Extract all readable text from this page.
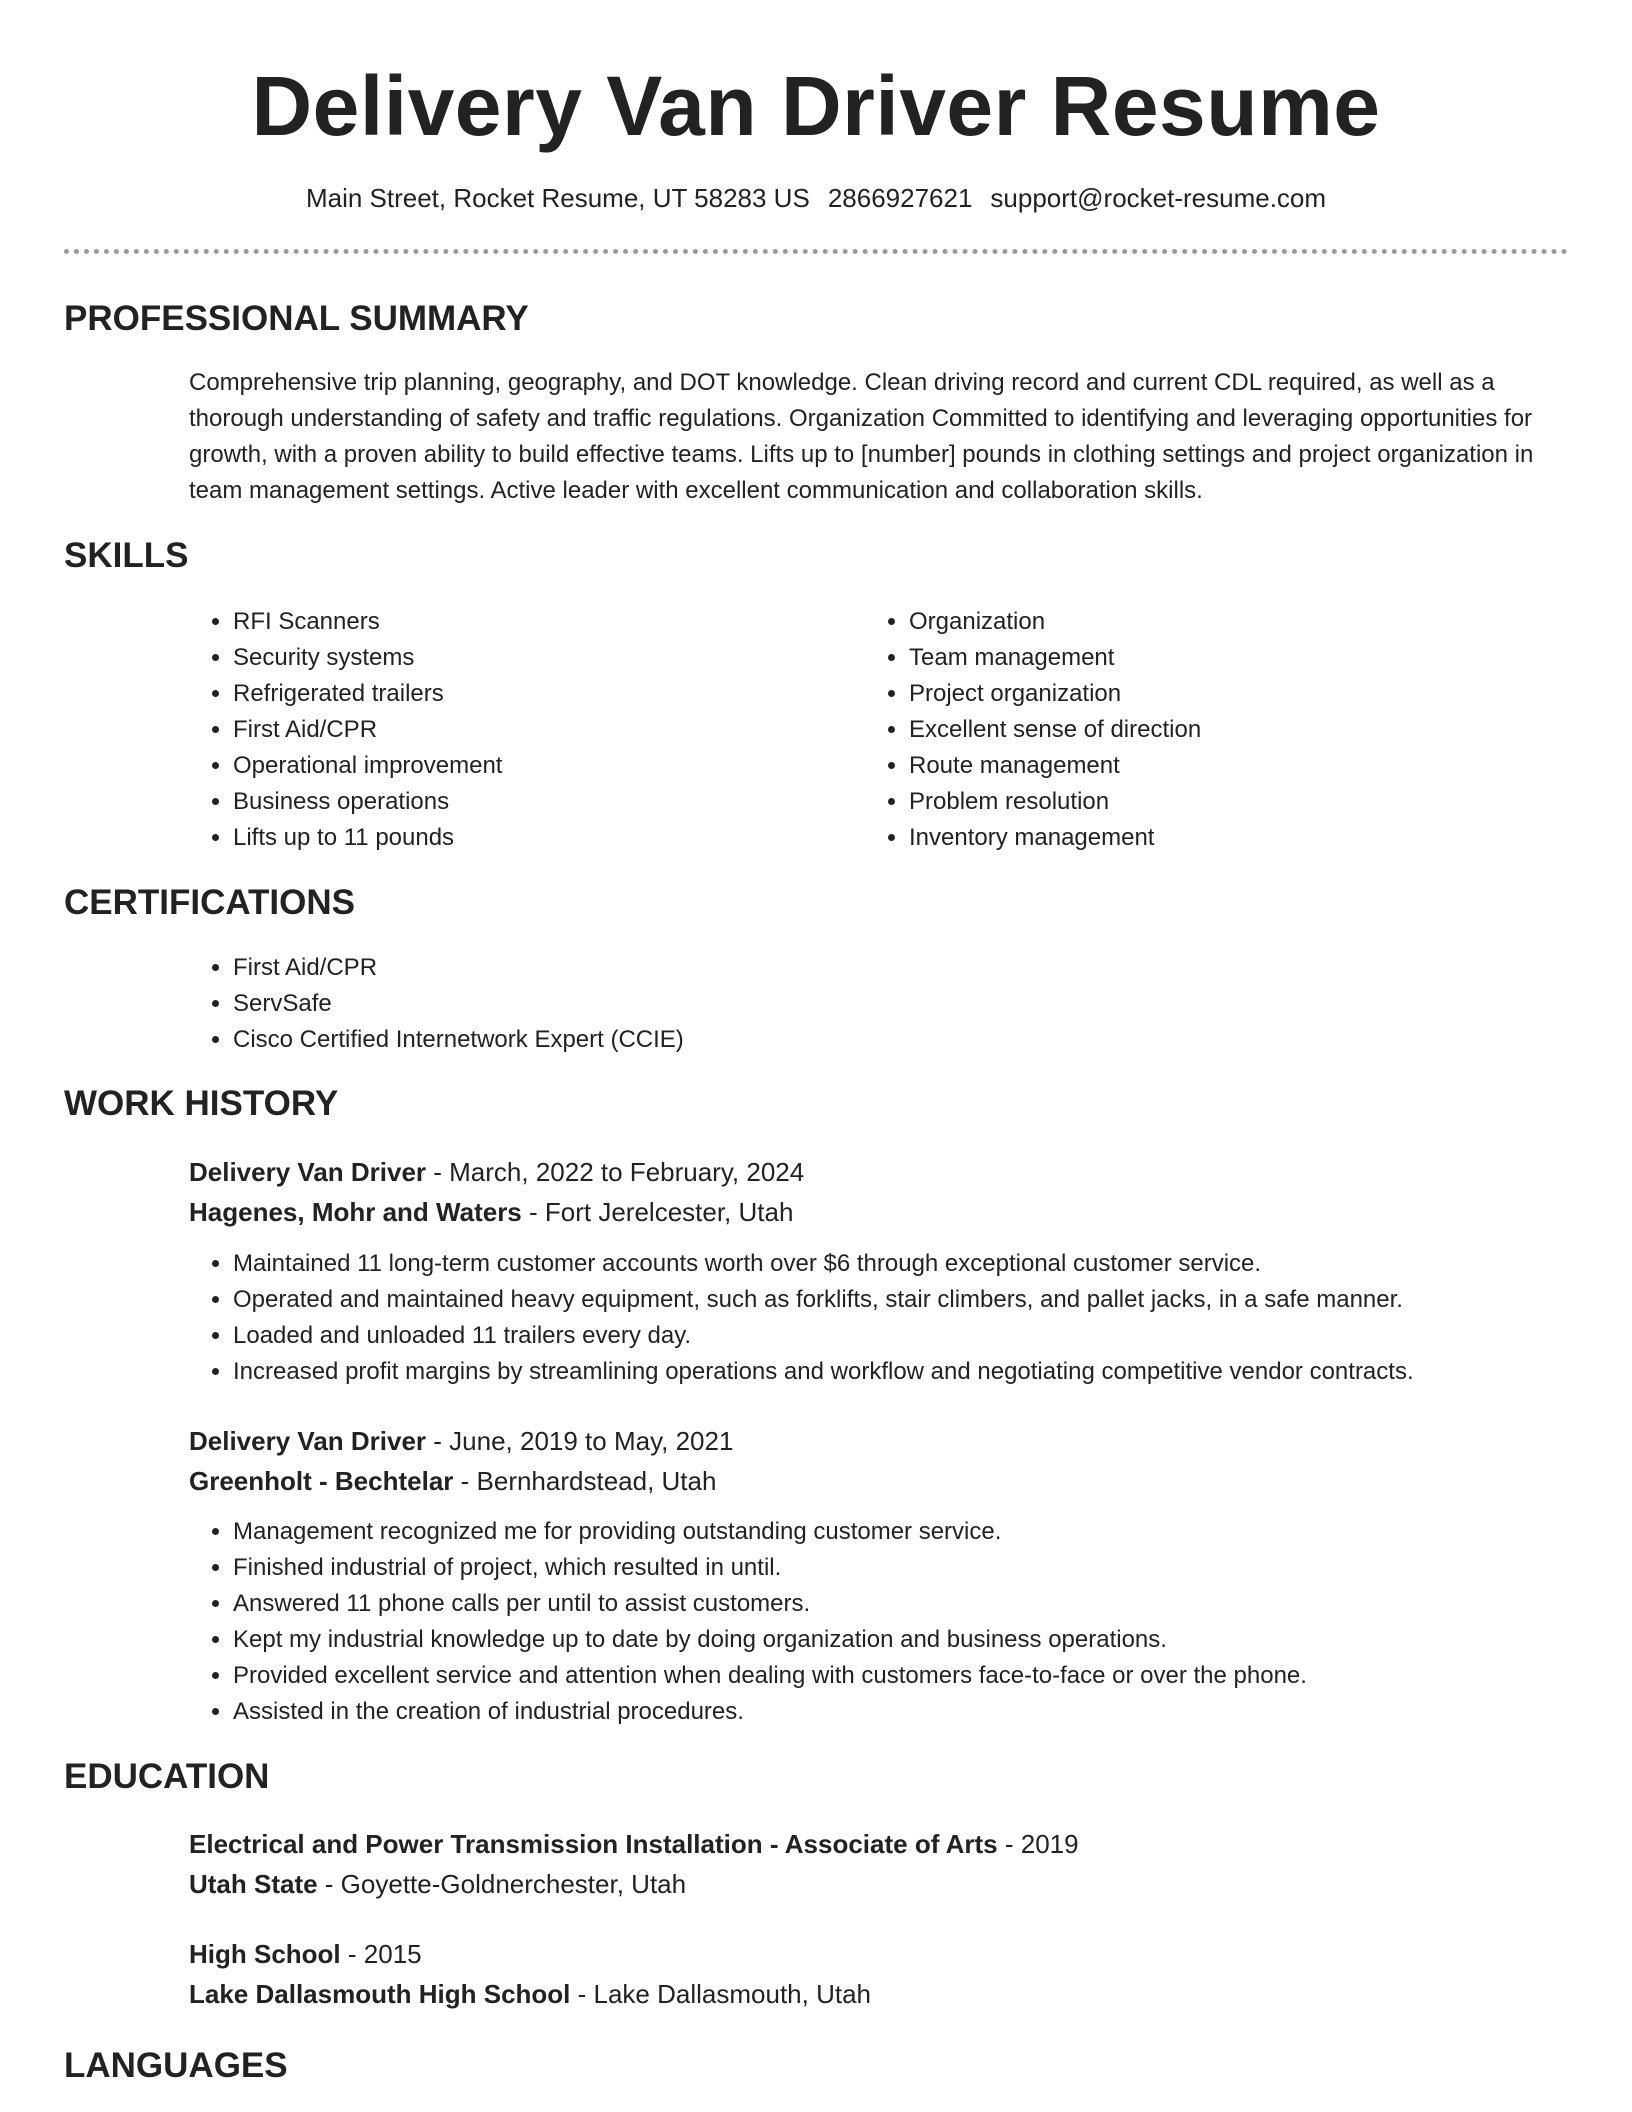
Delivery Van Driver Resume
Main Street, Rocket Resume, UT 58283 US 2866927621 support@rocket-resume.com
PROFESSIONAL SUMMARY

Comprehensive trip planning, geography, and DOT knowledge. Clean driving record and current CDL required, as well as a thorough understanding of safety and traffic regulations. Organization Committed to identifying and leveraging opportunities for growth, with a proven ability to build effective teams. Lifts up to [number] pounds in clothing settings and project organization in team management settings. Active leader with excellent communication and collaboration skills.

SKILLS
• RFI Scanners
• Security systems
• Refrigerated trailers
• First Aid/CPR
• Operational improvement
• Business operations
• Lifts up to 11 pounds
• Organization
• Team management
• Project organization
• Excellent sense of direction
• Route management
• Problem resolution
• Inventory management
CERTIFICATIONS
• First Aid/CPR
• ServSafe
• Cisco Certified Internetwork Expert (CCIE)
WORK HISTORY

Delivery Van Driver - March, 2022 to February, 2024

Hagenes, Mohr and Waters - Fort Jerelcester, Utah

• Maintained 11 long-term customer accounts worth over $6 through exceptional customer service.
• Operated and maintained heavy equipment, such as forklifts, stair climbers, and pallet jacks, in a safe manner.
• Loaded and unloaded 11 trailers every day.
• Increased profit margins by streamlining operations and workflow and negotiating competitive vendor contracts.

Delivery Van Driver - June, 2019 to May, 2021

Greenholt - Bechtelar - Bernhardstead, Utah

• Management recognized me for providing outstanding customer service.
• Finished industrial of project, which resulted in until.
• Answered 11 phone calls per until to assist customers.
• Kept my industrial knowledge up to date by doing organization and business operations.
• Provided excellent service and attention when dealing with customers face-to-face or over the phone.
• Assisted in the creation of industrial procedures.
EDUCATION

Electrical and Power Transmission Installation - Associate of Arts - 2019

Utah State - Goyette-Goldnerchester, Utah

High School - 2015

Lake Dallasmouth High School - Lake Dallasmouth, Utah

LANGUAGES
